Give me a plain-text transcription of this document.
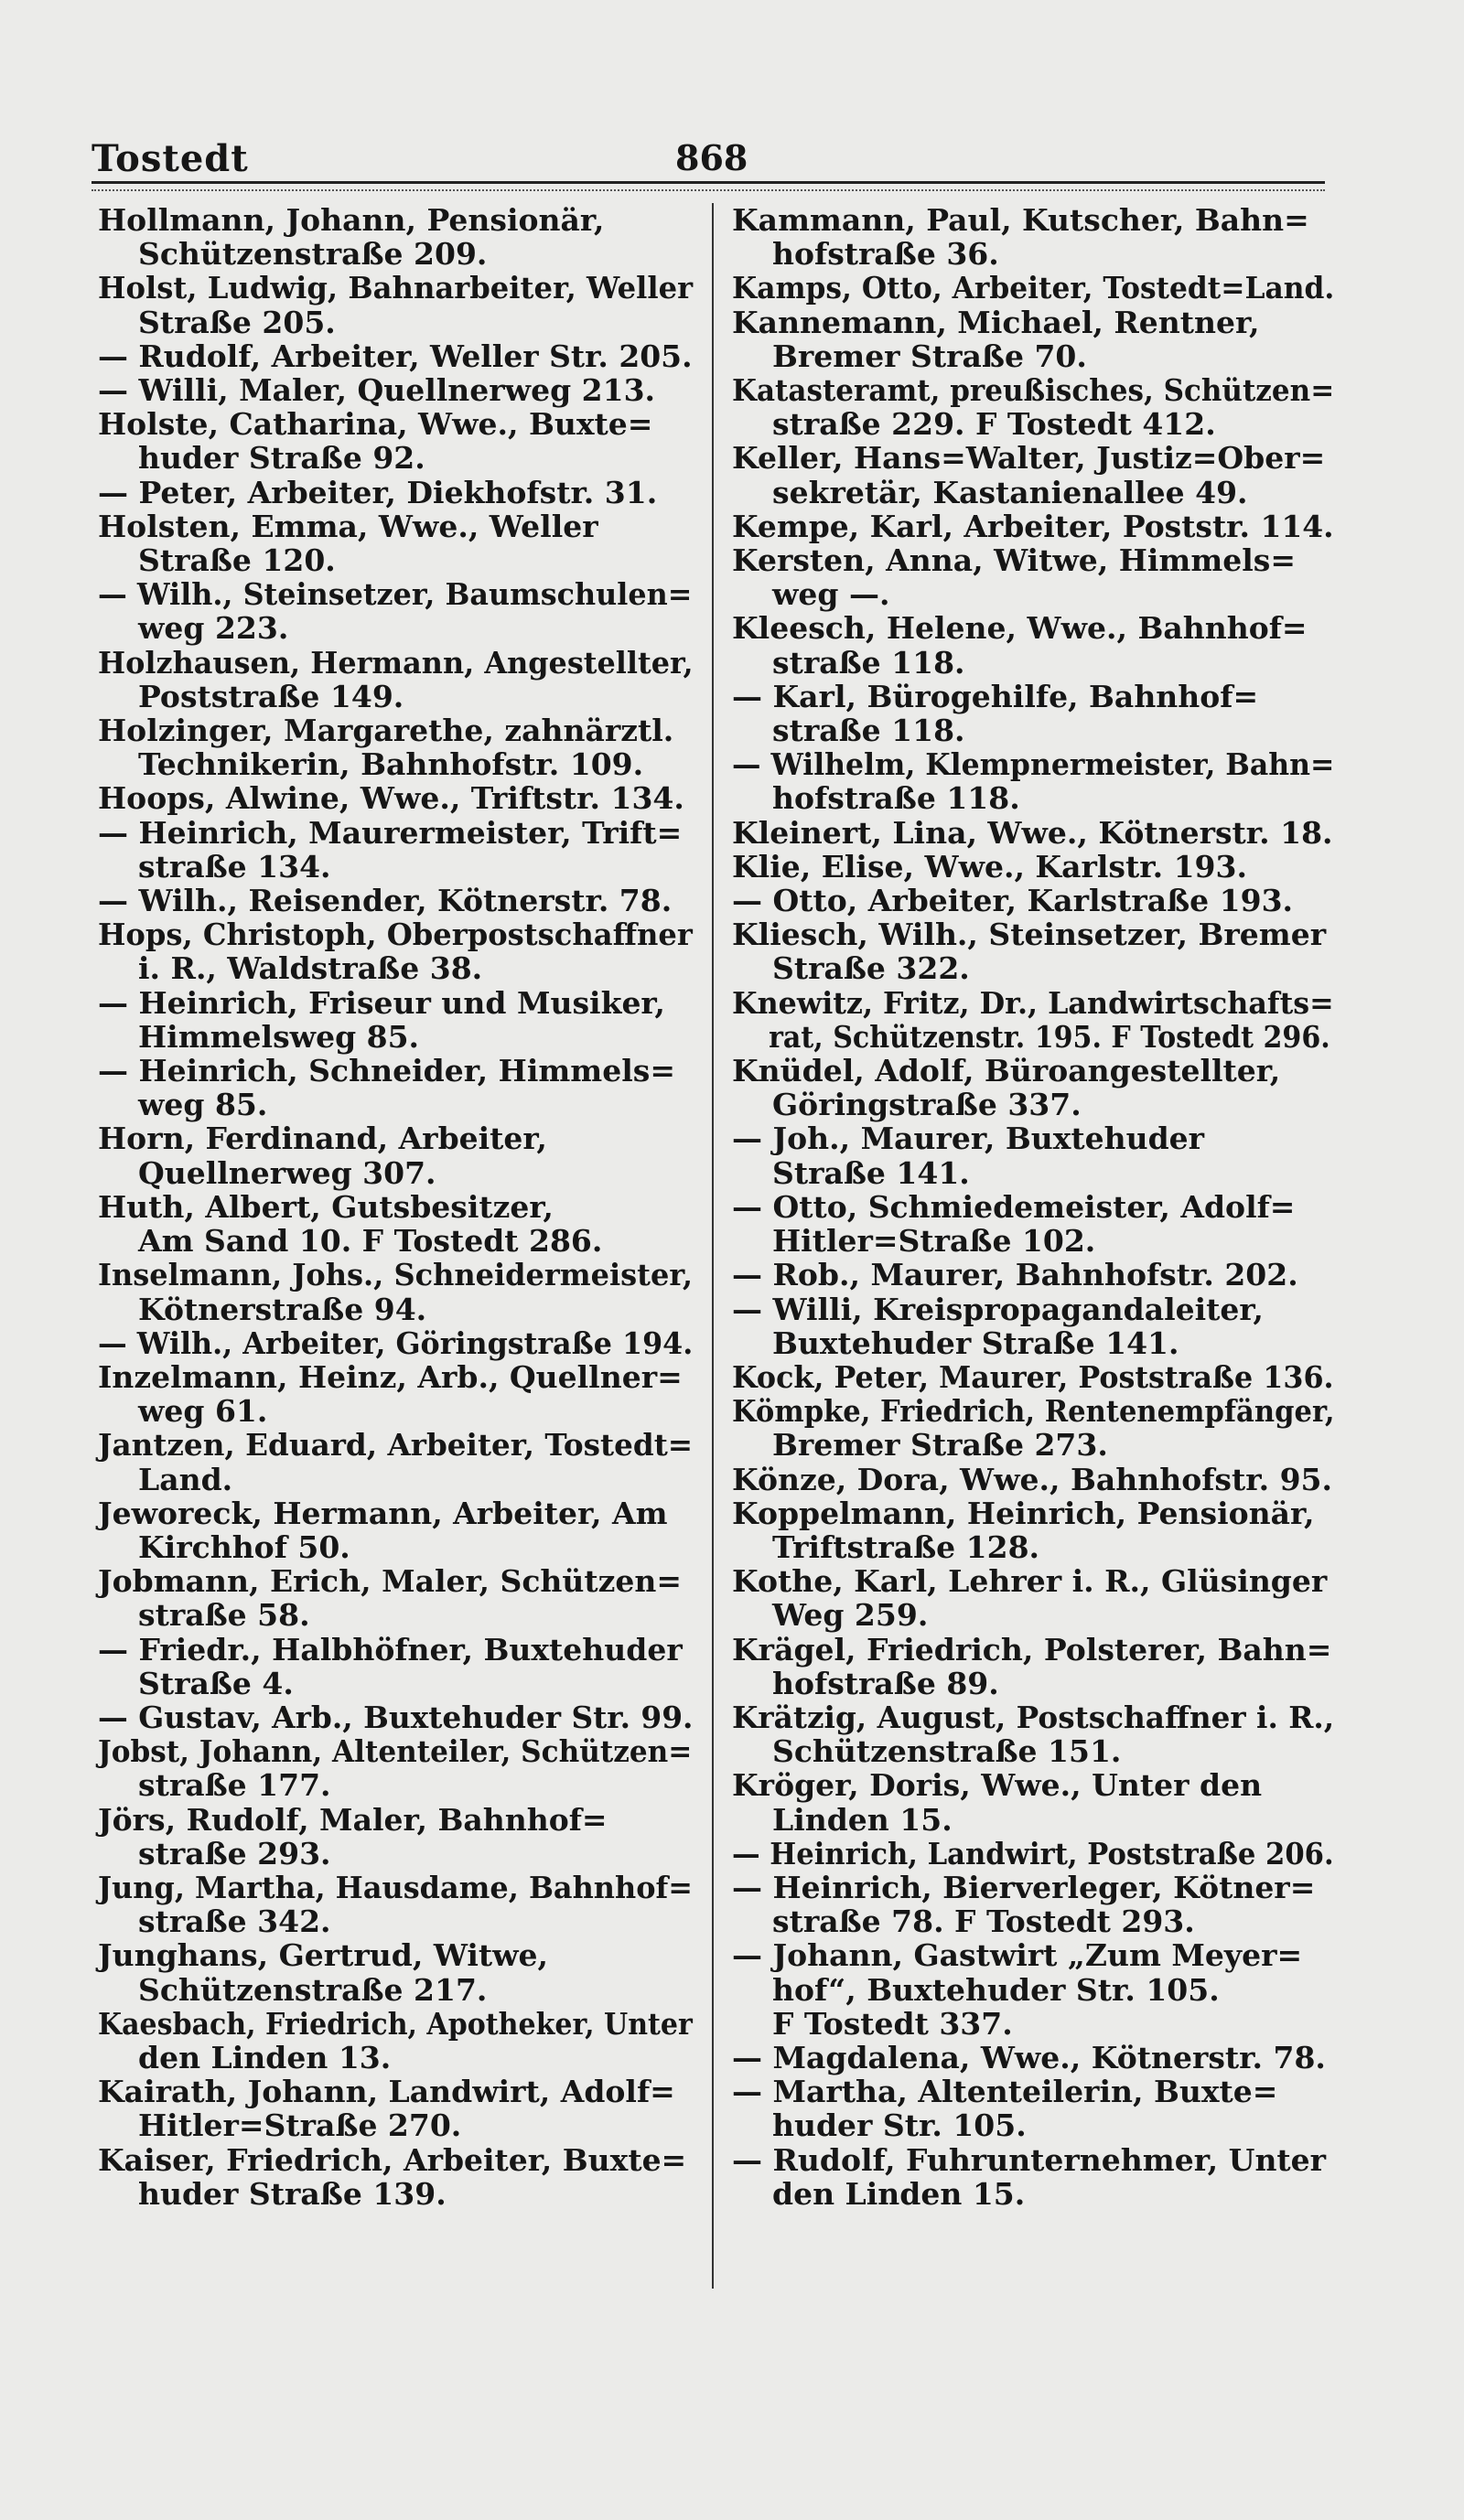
Tostedt	868
Hollmann, Johann, Pensionär,
Schützenstraße 209.
Holst, Ludwig, Bahnarbeiter, Weller
Straße 205.
— Rudolf, Arbeiter, Weller Str. 205.
— Willi, Maler, Quellnerweg 213.
Holste, Catharina, Wwe., Buxte=
huder Straße 92.
— Peter, Arbeiter, Diekhofstr. 31.
Holsten, Emma, Wwe., Weller
Straße 120.
— Wilh., Steinsetzer, Baumschulen=
weg 223.
Holzhausen, Hermann, Angestellter,
Poststraße 149.
Holzinger, Margarethe, zahnärztl.
Technikerin, Bahnhofstr. 109.
Hoops, Alwine, Wwe., Triftstr. 134.
— Heinrich, Maurermeister, Trift=
straße 134.
— Wilh., Reisender, Kötnerstr. 78.
Hops, Christoph, Oberpostschaffner
i. R., Waldstraße 38.
— Heinrich, Friseur und Musiker,
Himmelsweg 85.
— Heinrich, Schneider, Himmels=
weg 85.
Horn, Ferdinand, Arbeiter,
Quellnerweg 307.
Huth, Albert, Gutsbesitzer,
Am Sand 10. F Tostedt 286.
Inselmann, Johs., Schneidermeister,
Kötnerstraße 94.
— Wilh., Arbeiter, Göringstraße 194.
Inzelmann, Heinz, Arb., Quellner=
weg 61.
Jantzen, Eduard, Arbeiter, Tostedt=
Land.
Jeworeck, Hermann, Arbeiter, Am
Kirchhof 50.
Jobmann, Erich, Maler, Schützen=
straße 58.
— Friedr., Halbhöfner, Buxtehuder
Straße 4.
— Gustav, Arb., Buxtehuder Str. 99.
Jobst, Johann, Altenteiler, Schützen=
straße 177.
Jörs, Rudolf, Maler, Bahnhof=
straße 293.
Jung, Martha, Hausdame, Bahnhof=
straße 342.
Junghans, Gertrud, Witwe,
Schützenstraße 217.
Kaesbach, Friedrich, Apotheker, Unter
den Linden 13.
Kairath, Johann, Landwirt, Adolf=
Hitler=Straße 270.
Kaiser, Friedrich, Arbeiter, Buxte=
huder Straße 139.
Kammann, Paul, Kutscher, Bahn=
hofstraße 36.
Kamps, Otto, Arbeiter, Tostedt=Land.
Kannemann, Michael, Rentner,
Bremer Straße 70.
Katasteramt, preußisches, Schützen=
straße 229. F Tostedt 412.
Keller, Hans=Walter, Justiz=Ober=
sekretär, Kastanienallee 49.
Kempe, Karl, Arbeiter, Poststr. 114.
Kersten, Anna, Witwe, Himmels=
weg —.
Kleesch, Helene, Wwe., Bahnhof=
straße 118.
— Karl, Bürogehilfe, Bahnhof=
straße 118.
— Wilhelm, Klempnermeister, Bahn=
hofstraße 118.
Kleinert, Lina, Wwe., Kötnerstr. 18.
Klie, Elise, Wwe., Karlstr. 193.
— Otto, Arbeiter, Karlstraße 193.
Kliesch, Wilh., Steinsetzer, Bremer
Straße 322.
Knewitz, Fritz, Dr., Landwirtschafts=
rat, Schützenstr. 195. F Tostedt 296.
Knüdel, Adolf, Büroangestellter,
Göringstraße 337.
— Joh., Maurer, Buxtehuder
Straße 141.
— Otto, Schmiedemeister, Adolf=
Hitler=Straße 102.
— Rob., Maurer, Bahnhofstr. 202.
— Willi, Kreispropagandaleiter,
Buxtehuder Straße 141.
Kock, Peter, Maurer, Poststraße 136.
Kömpke, Friedrich, Rentenempfänger,
Bremer Straße 273.
Könze, Dora, Wwe., Bahnhofstr. 95.
Koppelmann, Heinrich, Pensionär,
Triftstraße 128.
Kothe, Karl, Lehrer i. R., Glüsinger
Weg 259.
Krägel, Friedrich, Polsterer, Bahn=
hofstraße 89.
Krätzig, August, Postschaffner i. R.,
Schützenstraße 151.
Kröger, Doris, Wwe., Unter den
Linden 15.
— Heinrich, Landwirt, Poststraße 206.
— Heinrich, Bierverleger, Kötner=
straße 78. F Tostedt 293.
— Johann, Gastwirt „Zum Meyer=
hof“, Buxtehuder Str. 105.
F Tostedt 337.
— Magdalena, Wwe., Kötnerstr. 78.
— Martha, Altenteilerin, Buxte=
huder Str. 105.
— Rudolf, Fuhrunternehmer, Unter
den Linden 15.
